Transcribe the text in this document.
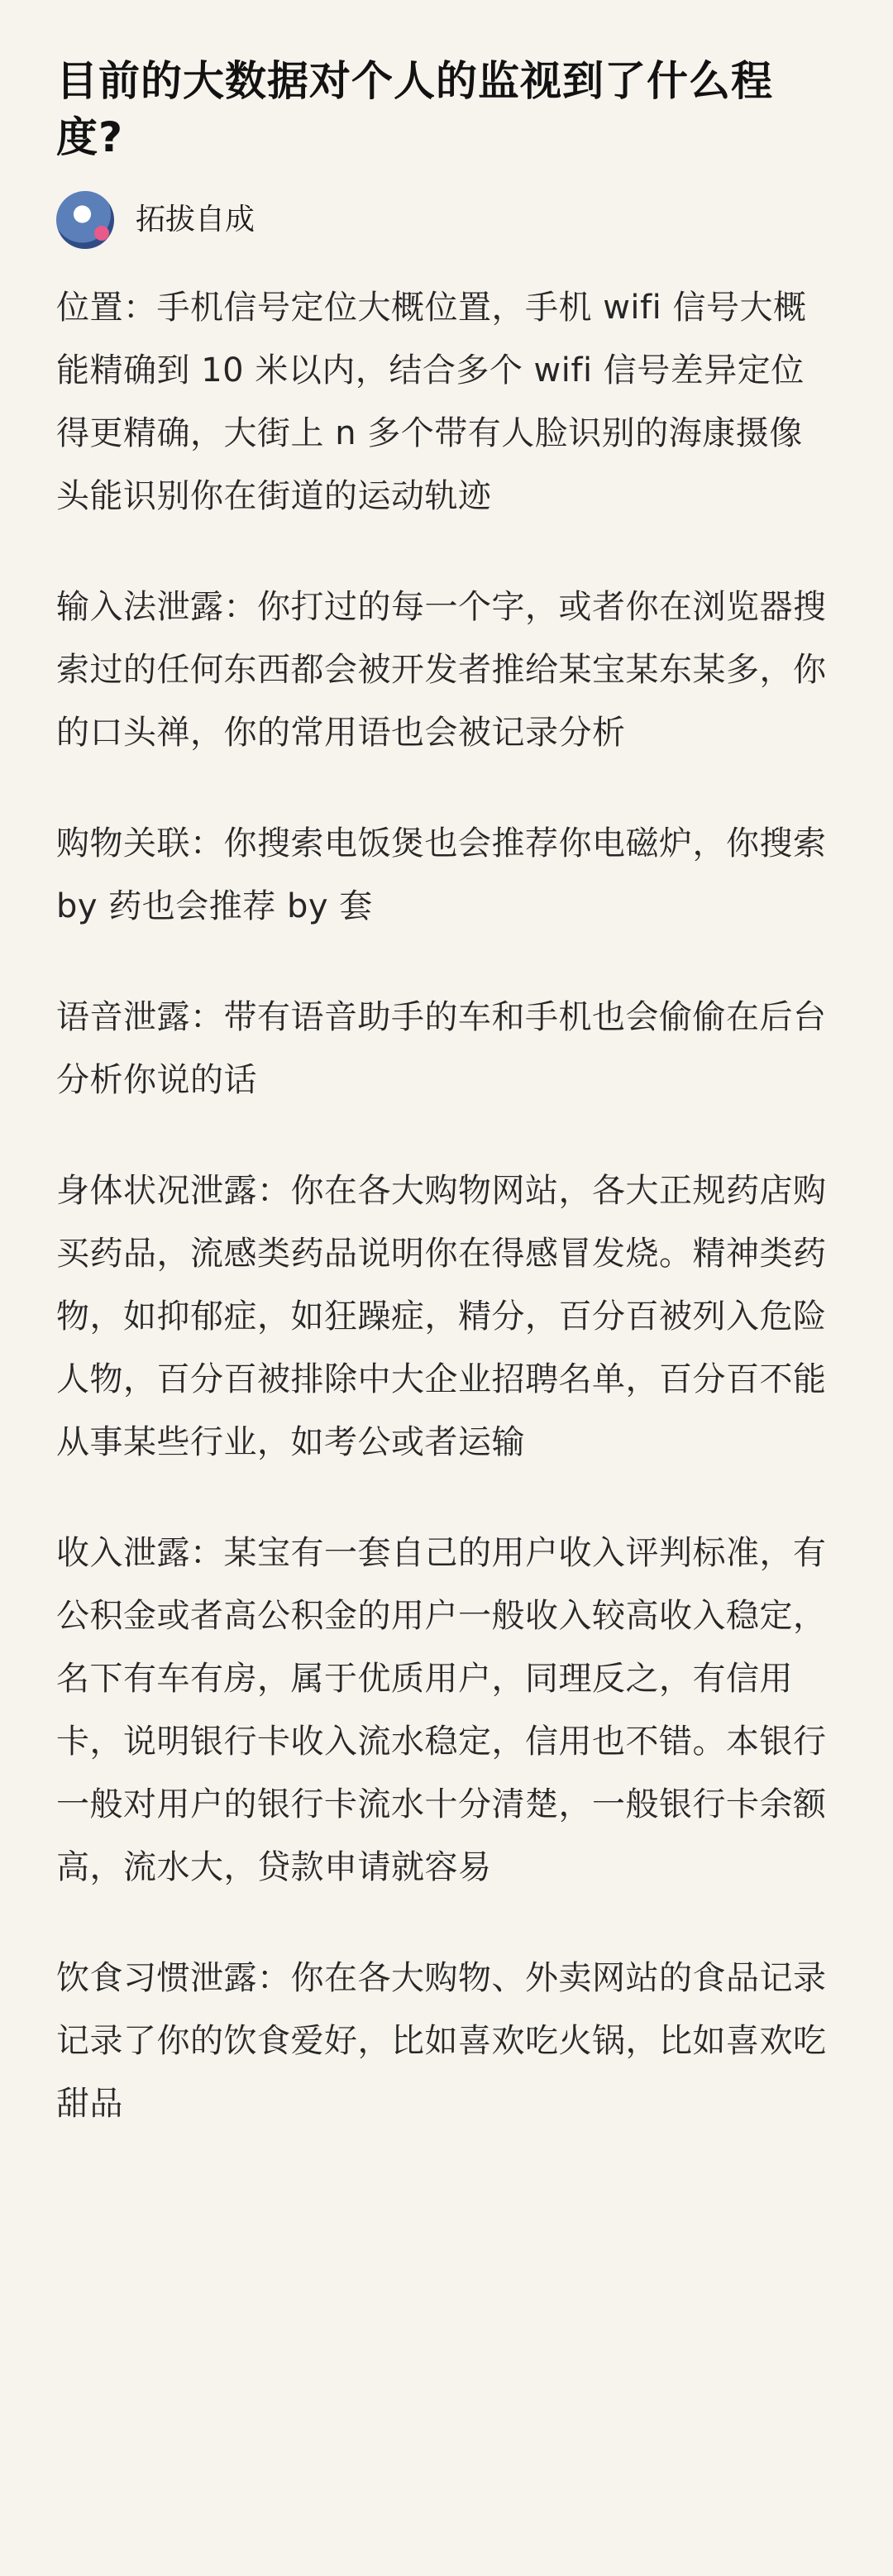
目前的大数据对个人的监视到了什么程度?
拓拔自成

位置：手机信号定位大概位置，手机 wifi 信号大概能精确到 10 米以内，结合多个 wifi 信号差异定位得更精确，大街上 n 多个带有人脸识别的海康摄像头能识别你在街道的运动轨迹

输入法泄露：你打过的每一个字，或者你在浏览器搜索过的任何东西都会被开发者推给某宝某东某多，你的口头禅，你的常用语也会被记录分析

购物关联：你搜索电饭煲也会推荐你电磁炉，你搜索 by 药也会推荐 by 套

语音泄露：带有语音助手的车和手机也会偷偷在后台分析你说的话

身体状况泄露：你在各大购物网站，各大正规药店购买药品，流感类药品说明你在得感冒发烧。精神类药物，如抑郁症，如狂躁症，精分，百分百被列入危险人物，百分百被排除中大企业招聘名单，百分百不能从事某些行业，如考公或者运输

收入泄露：某宝有一套自己的用户收入评判标准，有公积金或者高公积金的用户一般收入较高收入稳定，名下有车有房，属于优质用户，同理反之，有信用卡，说明银行卡收入流水稳定，信用也不错。本银行一般对用户的银行卡流水十分清楚，一般银行卡余额高，流水大，贷款申请就容易

饮食习惯泄露：你在各大购物、外卖网站的食品记录记录了你的饮食爱好，比如喜欢吃火锅，比如喜欢吃甜品
